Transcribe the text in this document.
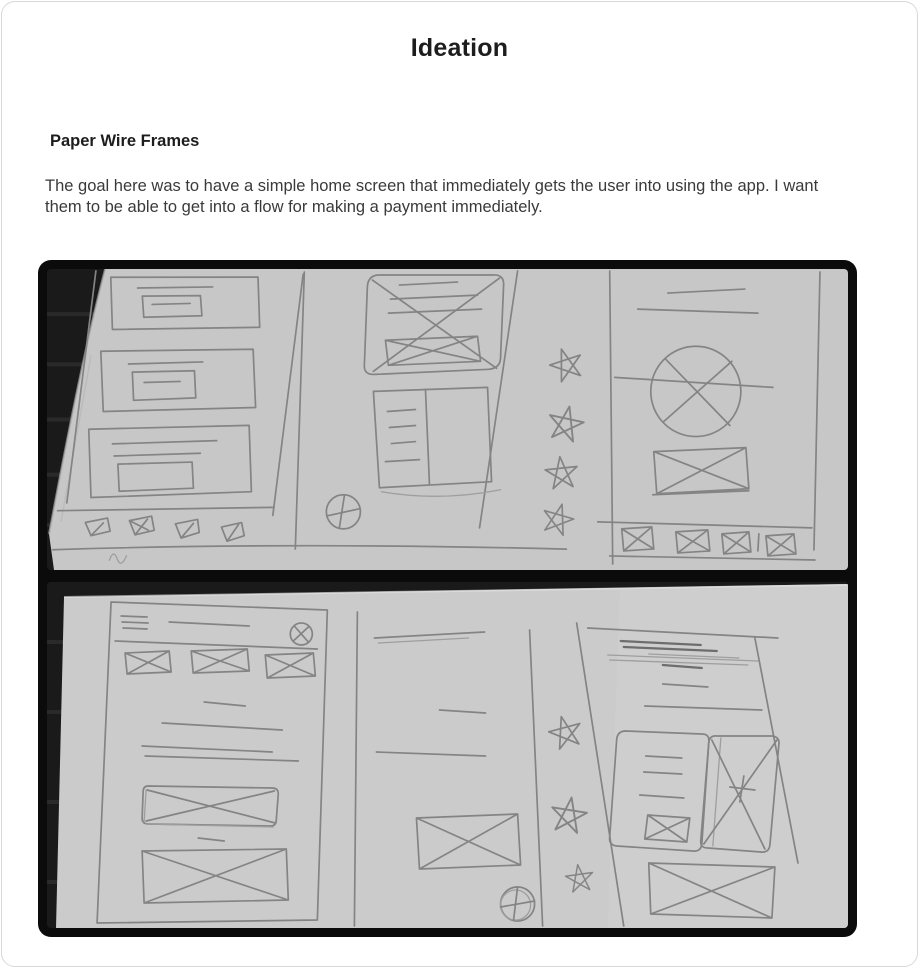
Ideation
Paper Wire Frames

The goal here was to have a simple home screen that immediately gets the user into using the app. I want them to be able to get into a flow for making a payment immediately.
